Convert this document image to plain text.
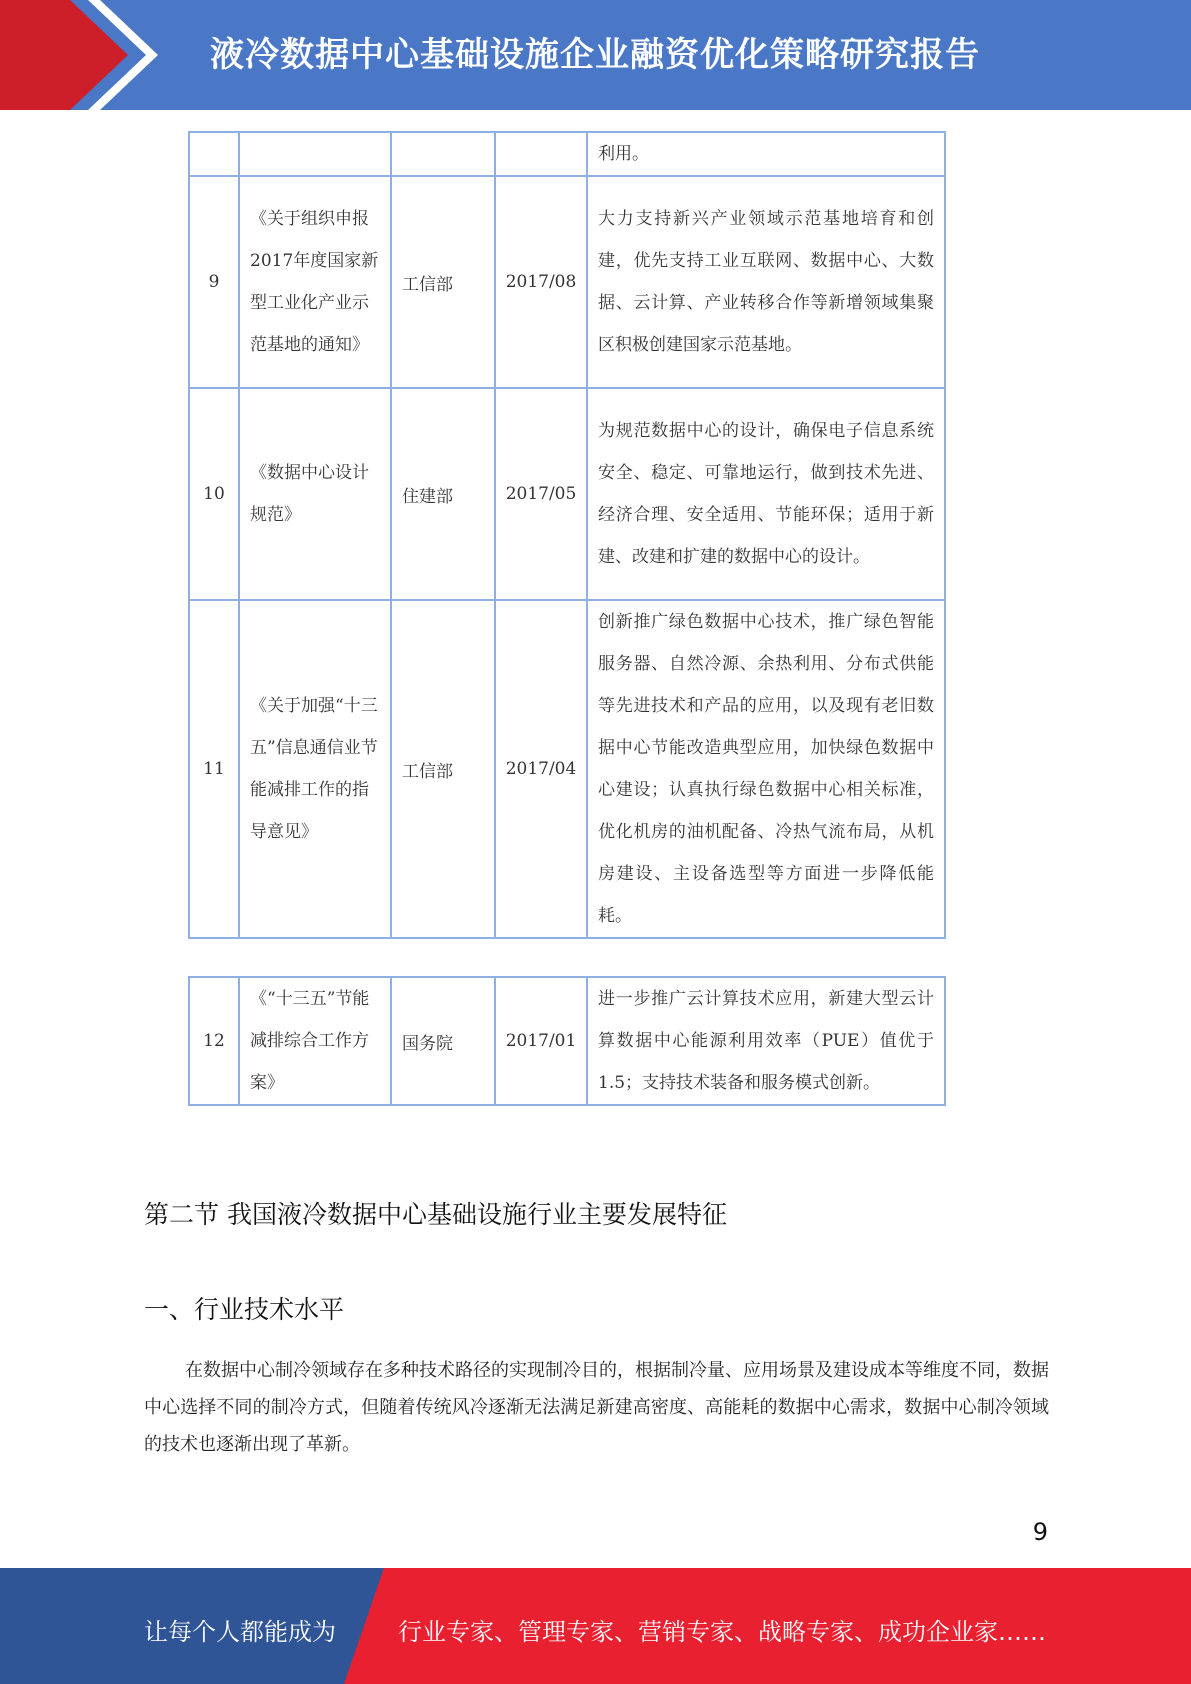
液冷数据中心基础设施企业融资优化策略研究报告
				利用。
9	《关于组织申报2017年度国家新型工业化产业示范基地的通知》	工信部	2017/08	大力支持新兴产业领域示范基地培育和创建，优先支持工业互联网、数据中心、大数据、云计算、产业转移合作等新增领域集聚区积极创建国家示范基地。
10	《数据中心设计规范》	住建部	2017/05	为规范数据中心的设计，确保电子信息系统安全、稳定、可靠地运行，做到技术先进、经济合理、安全适用、节能环保；适用于新建、改建和扩建的数据中心的设计。
11	《关于加强“十三五”信息通信业节能减排工作的指导意见》	工信部	2017/04	创新推广绿色数据中心技术，推广绿色智能服务器、自然冷源、余热利用、分布式供能等先进技术和产品的应用，以及现有老旧数据中心节能改造典型应用，加快绿色数据中心建设；认真执行绿色数据中心相关标准，优化机房的油机配备、冷热气流布局，从机房建设、主设备选型等方面进一步降低能耗。
12	《“十三五”节能减排综合工作方案》	国务院	2017/01	进一步推广云计算技术应用，新建大型云计算数据中心能源利用效率（PUE）值优于1.5；支持技术装备和服务模式创新。
第二节 我国液冷数据中心基础设施行业主要发展特征
一、行业技术水平

在数据中心制冷领域存在多种技术路径的实现制冷目的，根据制冷量、应用场景及建设成本等维度不同，数据中心选择不同的制冷方式，但随着传统风冷逐渐无法满足新建高密度、高能耗的数据中心需求，数据中心制冷领域的技术也逐渐出现了革新。

9
让每个人都能成为	行业专家、管理专家、营销专家、战略专家、成功企业家……
